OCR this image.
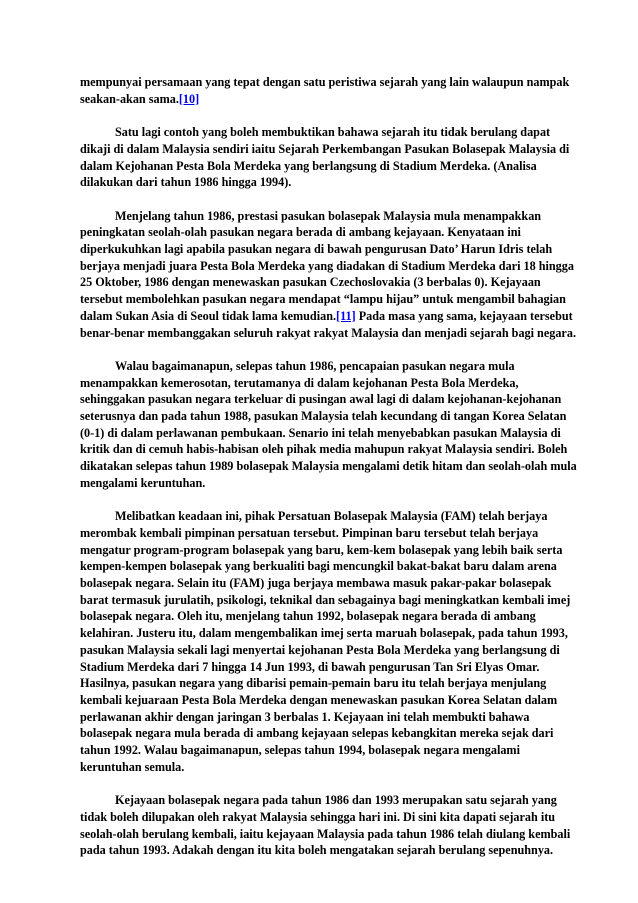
mempunyai persamaan yang tepat dengan satu peristiwa sejarah yang lain walaupun nampak seakan-akan sama.[10]

Satu lagi contoh yang boleh membuktikan bahawa sejarah itu tidak berulang dapat dikaji di dalam Malaysia sendiri iaitu Sejarah Perkembangan Pasukan Bolasepak Malaysia di dalam Kejohanan Pesta Bola Merdeka yang berlangsung di Stadium Merdeka. (Analisa dilakukan dari tahun 1986 hingga 1994).

Menjelang tahun 1986, prestasi pasukan bolasepak Malaysia mula menampakkan peningkatan seolah-olah pasukan negara berada di ambang kejayaan. Kenyataan ini diperkukuhkan lagi apabila pasukan negara di bawah pengurusan Dato’ Harun Idris telah berjaya menjadi juara Pesta Bola Merdeka yang diadakan di Stadium Merdeka dari 18 hingga 25 Oktober, 1986 dengan menewaskan pasukan Czechoslovakia (3 berbalas 0). Kejayaan tersebut membolehkan pasukan negara mendapat “lampu hijau” untuk mengambil bahagian dalam Sukan Asia di Seoul tidak lama kemudian.[11] Pada masa yang sama, kejayaan tersebut benar-benar membanggakan seluruh rakyat rakyat Malaysia dan menjadi sejarah bagi negara.

Walau bagaimanapun, selepas tahun 1986, pencapaian pasukan negara mula menampakkan kemerosotan, terutamanya di dalam kejohanan Pesta Bola Merdeka, sehinggakan pasukan negara terkeluar di pusingan awal lagi di dalam kejohanan-kejohanan seterusnya dan pada tahun 1988, pasukan Malaysia telah kecundang di tangan Korea Selatan (0-1) di dalam perlawanan pembukaan. Senario ini telah menyebabkan pasukan Malaysia di kritik dan di cemuh habis-habisan oleh pihak media mahupun rakyat Malaysia sendiri. Boleh dikatakan selepas tahun 1989 bolasepak Malaysia mengalami detik hitam dan seolah-olah mula mengalami keruntuhan.

Melibatkan keadaan ini, pihak Persatuan Bolasepak Malaysia (FAM) telah berjaya merombak kembali pimpinan persatuan tersebut. Pimpinan baru tersebut telah berjaya mengatur program-program bolasepak yang baru, kem-kem bolasepak yang lebih baik serta kempen-kempen bolasepak yang berkualiti bagi mencungkil bakat-bakat baru dalam arena bolasepak negara. Selain itu (FAM) juga berjaya membawa masuk pakar-pakar bolasepak barat termasuk jurulatih, psikologi, teknikal dan sebagainya bagi meningkatkan kembali imej bolasepak negara. Oleh itu, menjelang tahun 1992, bolasepak negara berada di ambang kelahiran. Justeru itu, dalam mengembalikan imej serta maruah bolasepak, pada tahun 1993, pasukan Malaysia sekali lagi menyertai kejohanan Pesta Bola Merdeka yang berlangsung di Stadium Merdeka dari 7 hingga 14 Jun 1993, di bawah pengurusan Tan Sri Elyas Omar. Hasilnya, pasukan negara yang dibarisi pemain-pemain baru itu telah berjaya menjulang kembali kejuaraan Pesta Bola Merdeka dengan menewaskan pasukan Korea Selatan dalam perlawanan akhir dengan jaringan 3 berbalas 1. Kejayaan ini telah membukti bahawa bolasepak negara mula berada di ambang kejayaan selepas kebangkitan mereka sejak dari tahun 1992. Walau bagaimanapun, selepas tahun 1994, bolasepak negara mengalami keruntuhan semula.

Kejayaan bolasepak negara pada tahun 1986 dan 1993 merupakan satu sejarah yang tidak boleh dilupakan oleh rakyat Malaysia sehingga hari ini. Di sini kita dapati sejarah itu seolah-olah berulang kembali, iaitu kejayaan Malaysia pada tahun 1986 telah diulang kembali pada tahun 1993. Adakah dengan itu kita boleh mengatakan sejarah berulang sepenuhnya.
